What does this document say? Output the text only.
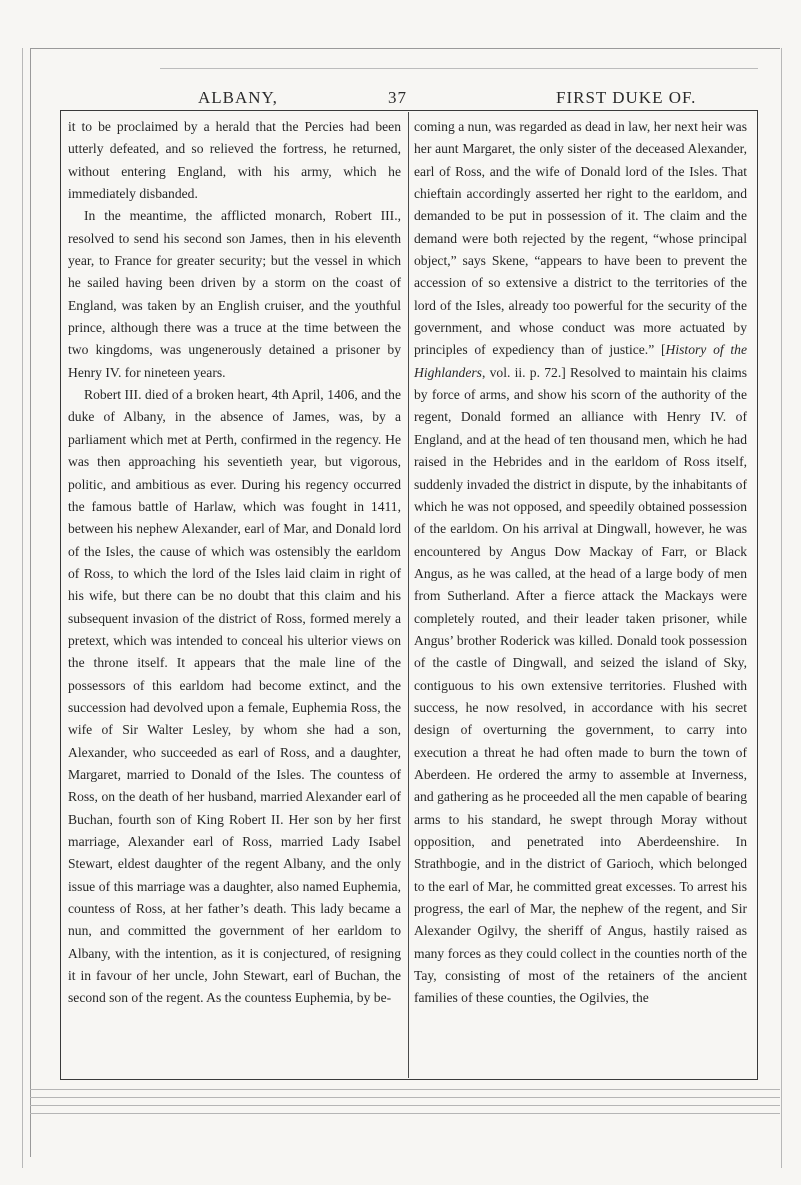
ALBANY,	37	FIRST DUKE OF.

it to be proclaimed by a herald that the Percies had been utterly defeated, and so relieved the fortress, he returned, without entering England, with his army, which he immediately disbanded.

In the meantime, the afflicted monarch, Robert III., resolved to send his second son James, then in his eleventh year, to France for greater security; but the vessel in which he sailed having been driven by a storm on the coast of England, was taken by an English cruiser, and the youthful prince, although there was a truce at the time between the two kingdoms, was ungenerously detained a prisoner by Henry IV. for nineteen years.

Robert III. died of a broken heart, 4th April, 1406, and the duke of Albany, in the absence of James, was, by a parliament which met at Perth, confirmed in the regency. He was then approaching his seventieth year, but vigorous, politic, and ambitious as ever. During his regency occurred the famous battle of Harlaw, which was fought in 1411, between his nephew Alexander, earl of Mar, and Donald lord of the Isles, the cause of which was ostensibly the earldom of Ross, to which the lord of the Isles laid claim in right of his wife, but there can be no doubt that this claim and his subsequent invasion of the district of Ross, formed merely a pretext, which was intended to conceal his ulterior views on the throne itself. It appears that the male line of the possessors of this earldom had become extinct, and the succession had devolved upon a female, Euphemia Ross, the wife of Sir Walter Lesley, by whom she had a son, Alexander, who succeeded as earl of Ross, and a daughter, Margaret, married to Donald of the Isles. The countess of Ross, on the death of her husband, married Alexander earl of Buchan, fourth son of King Robert II. Her son by her first marriage, Alexander earl of Ross, married Lady Isabel Stewart, eldest daughter of the regent Albany, and the only issue of this marriage was a daughter, also named Euphemia, countess of Ross, at her father’s death. This lady became a nun, and committed the government of her earldom to Albany, with the intention, as it is conjectured, of resigning it in favour of her uncle, John Stewart, earl of Buchan, the second son of the regent. As the countess Euphemia, by be-

coming a nun, was regarded as dead in law, her next heir was her aunt Margaret, the only sister of the deceased Alexander, earl of Ross, and the wife of Donald lord of the Isles. That chieftain accordingly asserted her right to the earldom, and demanded to be put in possession of it. The claim and the demand were both rejected by the regent, “whose principal object,” says Skene, “appears to have been to prevent the accession of so extensive a district to the territories of the lord of the Isles, already too powerful for the security of the government, and whose conduct was more actuated by principles of expediency than of justice.” [History of the Highlanders, vol. ii. p. 72.] Resolved to maintain his claims by force of arms, and show his scorn of the authority of the regent, Donald formed an alliance with Henry IV. of England, and at the head of ten thousand men, which he had raised in the Hebrides and in the earldom of Ross itself, suddenly invaded the district in dispute, by the inhabitants of which he was not opposed, and speedily obtained possession of the earldom. On his arrival at Dingwall, however, he was encountered by Angus Dow Mackay of Farr, or Black Angus, as he was called, at the head of a large body of men from Sutherland. After a fierce attack the Mackays were completely routed, and their leader taken prisoner, while Angus’ brother Roderick was killed. Donald took possession of the castle of Dingwall, and seized the island of Sky, contiguous to his own extensive territories. Flushed with success, he now resolved, in accordance with his secret design of overturning the government, to carry into execution a threat he had often made to burn the town of Aberdeen. He ordered the army to assemble at Inverness, and gathering as he proceeded all the men capable of bearing arms to his standard, he swept through Moray without opposition, and penetrated into Aberdeenshire. In Strathbogie, and in the district of Garioch, which belonged to the earl of Mar, he committed great excesses. To arrest his progress, the earl of Mar, the nephew of the regent, and Sir Alexander Ogilvy, the sheriff of Angus, hastily raised as many forces as they could collect in the counties north of the Tay, consisting of most of the retainers of the ancient families of these counties, the Ogilvies, the
